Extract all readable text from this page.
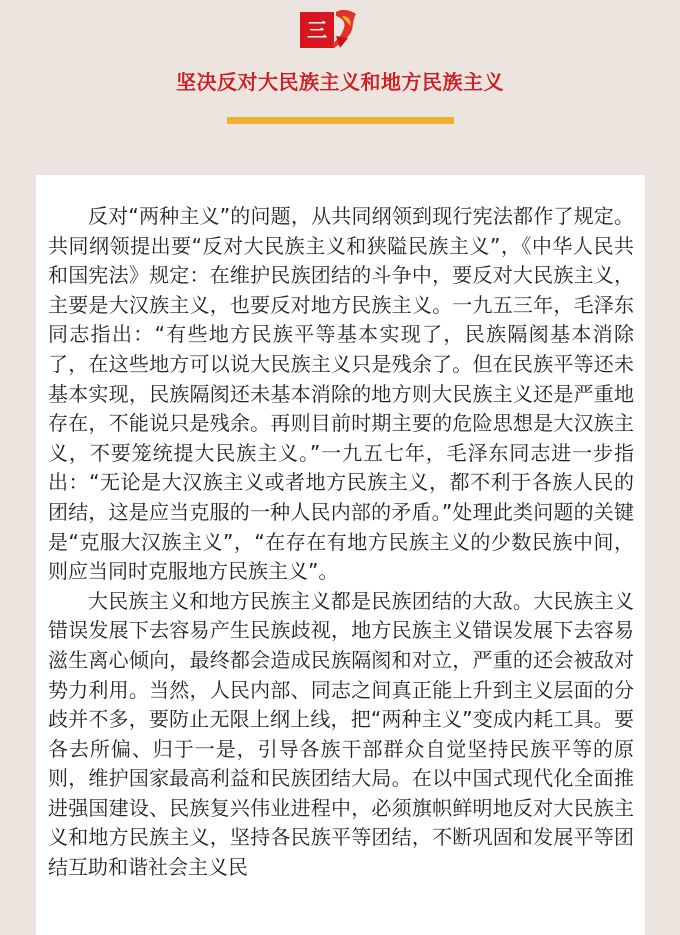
三
坚决反对大民族主义和地方民族主义

反对“两种主义”的问题，从共同纲领到现行宪法都作了规定。共同纲领提出要“反对大民族主义和狭隘民族主义”，《中华人民共和国宪法》规定：在维护民族团结的斗争中，要反对大民族主义，主要是大汉族主义，也要反对地方民族主义。一九五三年，毛泽东同志指出：“有些地方民族平等基本实现了，民族隔阂基本消除了，在这些地方可以说大民族主义只是残余了。但在民族平等还未基本实现，民族隔阂还未基本消除的地方则大民族主义还是严重地存在，不能说只是残余。再则目前时期主要的危险思想是大汉族主义，不要笼统提大民族主义。”一九五七年，毛泽东同志进一步指出：“无论是大汉族主义或者地方民族主义，都不利于各族人民的团结，这是应当克服的一种人民内部的矛盾。”处理此类问题的关键是“克服大汉族主义”，“在存在有地方民族主义的少数民族中间，则应当同时克服地方民族主义”。

大民族主义和地方民族主义都是民族团结的大敌。大民族主义错误发展下去容易产生民族歧视，地方民族主义错误发展下去容易滋生离心倾向，最终都会造成民族隔阂和对立，严重的还会被敌对势力利用。当然，人民内部、同志之间真正能上升到主义层面的分歧并不多，要防止无限上纲上线，把“两种主义”变成内耗工具。要各去所偏、归于一是，引导各族干部群众自觉坚持民族平等的原则，维护国家最高利益和民族团结大局。在以中国式现代化全面推进强国建设、民族复兴伟业进程中，必须旗帜鲜明地反对大民族主义和地方民族主义，坚持各民族平等团结，不断巩固和发展平等团结互助和谐社会主义民
